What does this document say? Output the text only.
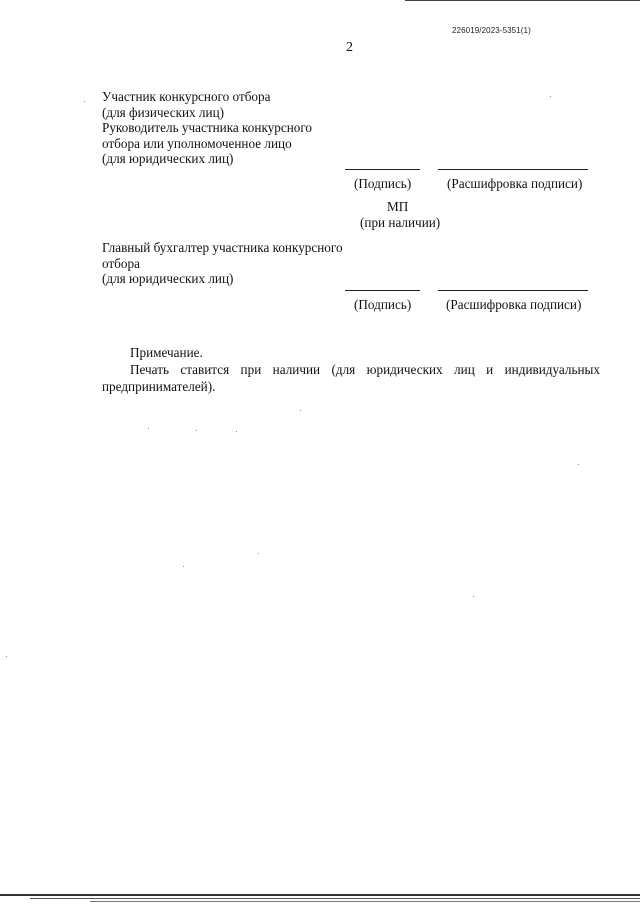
226019/2023-5351(1)
2
Участник конкурсного отбора
(для физических лиц)
Руководитель участника конкурсного
отбора или уполномоченное лицо
(для юридических лиц)
(Подпись)	(Расшифровка подписи)
МП
(при наличии)
Главный бухгалтер участника конкурсного
отбора
(для юридических лиц)
(Подпись)	(Расшифровка подписи)
Примечание.
Печать ставится при наличии (для юридических лиц и индивидуальных
предпринимателей).
